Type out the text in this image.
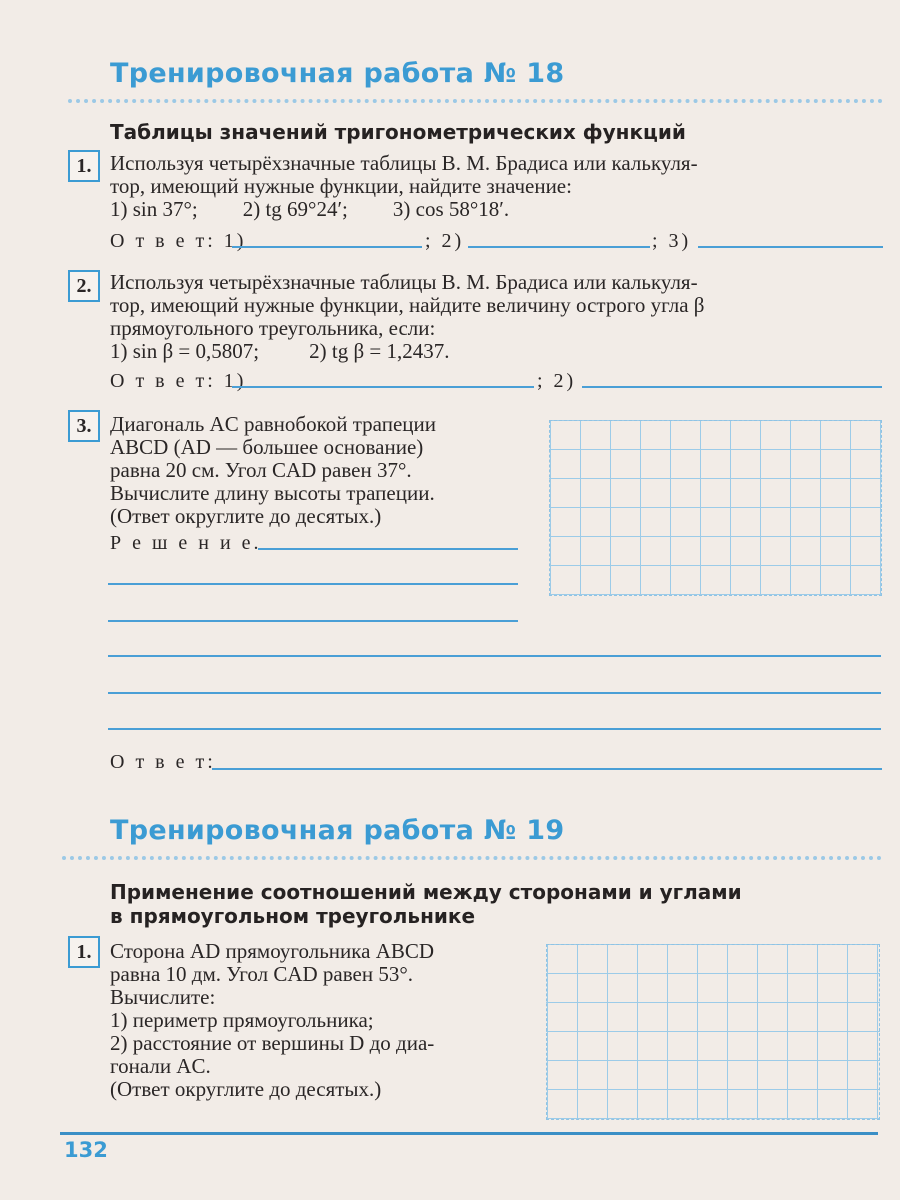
Тренировочная работа № 18
Таблицы значений тригонометрических функций
1. Используя четырёхзначные таблицы В. М. Брадиса или калькуля-
тор, имеющий нужные функции, найдите значение:
1) sin 37°; 2) tg 69°24′; 3) cos 58°18′.
О т в е т: 1)	; 2)	; 3)
2. Используя четырёхзначные таблицы В. М. Брадиса или калькуля-
тор, имеющий нужные функции, найдите величину острого угла β
прямоугольного треугольника, если:
1) sin β = 0,5807; 2) tg β = 1,2437.
О т в е т: 1)	; 2)
3. Диагональ AC равнобокой трапеции
ABCD (AD — большее основание)
равна 20 см. Угол CAD равен 37°.
Вычислите длину высоты трапеции.
(Ответ округлите до десятых.)
Р е ш е н и е.
О т в е т:
Тренировочная работа № 19
Применение соотношений между сторонами и углами
в прямоугольном треугольнике
1. Сторона AD прямоугольника ABCD
равна 10 дм. Угол CAD равен 53°.
Вычислите:
1) периметр прямоугольника;
2) расстояние от вершины D до диа-
гонали AC.
(Ответ округлите до десятых.)
132
